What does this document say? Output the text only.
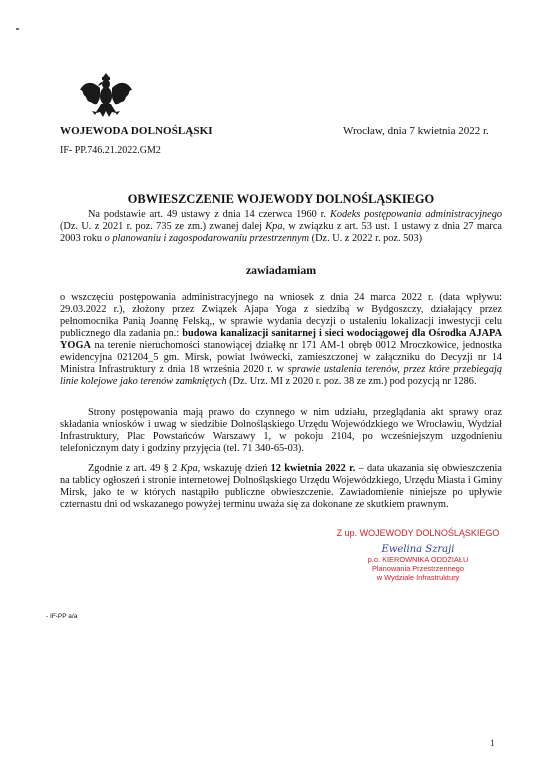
WOJEWODA DOLNOŚLĄSKI	Wrocław, dnia 7 kwietnia 2022 r.
IF- PP.746.21.2022.GM2
OBWIESZCZENIE WOJEWODY DOLNOŚLĄSKIEGO

Na podstawie art. 49 ustawy z dnia 14 czerwca 1960 r. Kodeks postępowania administracyjnego (Dz. U. z 2021 r. poz. 735 ze zm.) zwanej dalej Kpa, w związku z art. 53 ust. 1 ustawy z dnia 27 marca 2003 roku o planowaniu i zagospodarowaniu przestrzennym (Dz. U. z 2022 r. poz. 503)

zawiadamiam

o wszczęciu postępowania administracyjnego na wniosek z dnia 24 marca 2022 r. (data wpływu: 29.03.2022 r.), złożony przez Związek Ajapa Yoga z siedzibą w Bydgoszczy, działający przez pełnomocnika Panią Joannę Felską,, w sprawie wydania decyzji o ustaleniu lokalizacji inwestycji celu publicznego dla zadania pn.: budowa kanalizacji sanitarnej i sieci wodociągowej dla Ośrodka AJAPA YOGA na terenie nieruchomości stanowiącej działkę nr 171 AM-1 obręb 0012 Mroczkowice, jednostka ewidencyjna 021204_5 gm. Mirsk, powiat lwówecki, zamieszczonej w załączniku do Decyzji nr 14 Ministra Infrastruktury z dnia 18 września 2020 r. w sprawie ustalenia terenów, przez które przebiegają linie kolejowe jako terenów zamkniętych (Dz. Urz. MI z 2020 r. poz. 38 ze zm.) pod pozycją nr 1286.

Strony postępowania mają prawo do czynnego w nim udziału, przeglądania akt sprawy oraz składania wniosków i uwag w siedzibie Dolnośląskiego Urzędu Wojewódzkiego we Wrocławiu, Wydział Infrastruktury, Plac Powstańców Warszawy 1, w pokoju 2104, po wcześniejszym uzgodnieniu telefonicznym daty i godziny przyjęcia (tel. 71 340-65-03).

Zgodnie z art. 49 § 2 Kpa, wskazuję dzień 12 kwietnia 2022 r. – data ukazania się obwieszczenia na tablicy ogłoszeń i stronie internetowej Dolnośląskiego Urzędu Wojewódzkiego, Urzędu Miasta i Gminy Mirsk, jako te w których nastąpiło publiczne obwieszczenie. Zawiadomienie niniejsze po upływie czternastu dni od wskazanego powyżej terminu uważa się za dokonane ze skutkiem prawnym.

Z up. WOJEWODY DOLNOŚLĄSKIEGO
Ewelina Szraji
p.o. KIEROWNIKA ODDZIAŁU
Planowania Przestrzennego
w Wydziale Infrastruktury
- IF-PP a/a
1
